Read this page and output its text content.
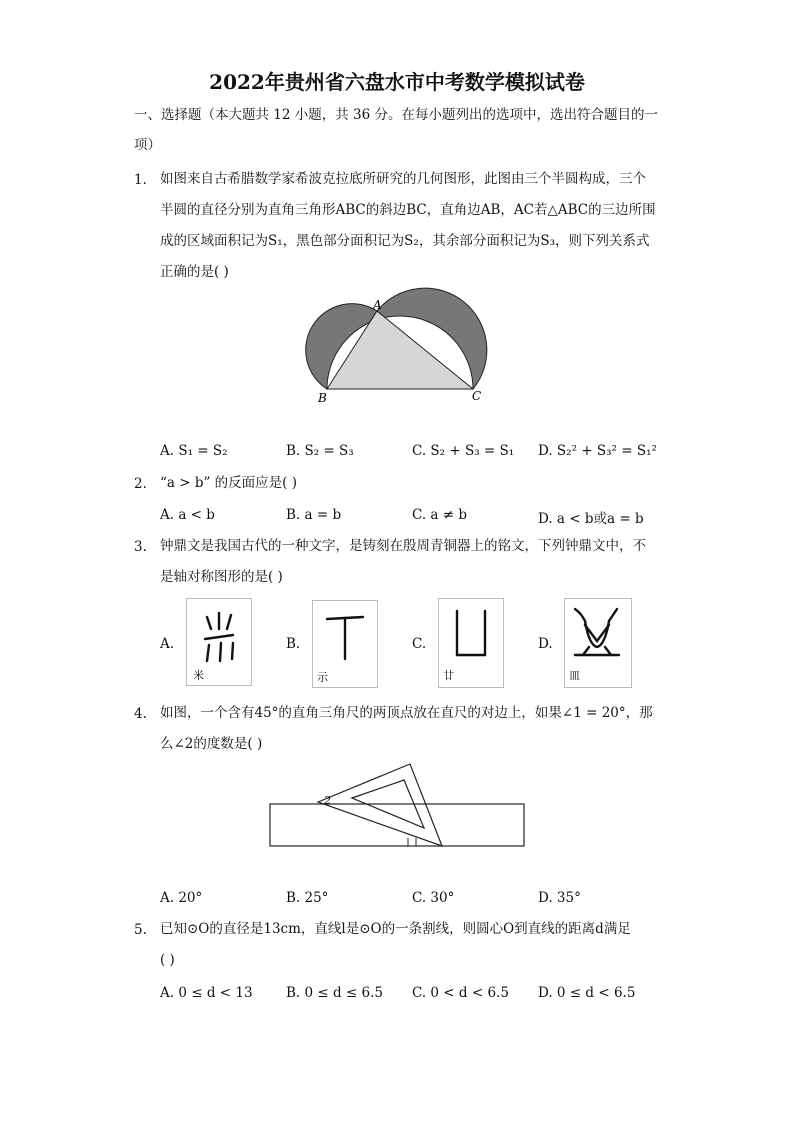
2022年贵州省六盘水市中考数学模拟试卷
一、选择题（本大题共 12 小题，共 36 分。在每小题列出的选项中，选出符合题目的一
项）
1. 如图来自古希腊数学家希波克拉底所研究的几何图形，此图由三个半圆构成，三个
半圆的直径分别为直角三角形ABC的斜边BC，直角边AB，AC若△ABC的三边所围
成的区域面积记为S₁，黑色部分面积记为S₂，其余部分面积记为S₃，则下列关系式
正确的是( )
A
B	C
A. S₁ = S₂	B. S₂ = S₃	C. S₂ + S₃ = S₁ D. S₂² + S₃² = S₁²
2. “a > b” 的反面应是( )
A. a < b	B. a = b	C. a ≠ b	D. a < b或a = b
3. 钟鼎文是我国古代的一种文字，是铸刻在殷周青铜器上的铭文，下列钟鼎文中，不
是轴对称图形的是( )
A.
米
B.
示
C.
廿
D.
皿
4. 如图，一个含有45°的直角三角尺的两顶点放在直尺的对边上，如果∠1 = 20°，那
么∠2的度数是( )
2
A. 20°	B. 25°	C. 30°	D. 35°
5. 已知⊙O的直径是13cm，直线l是⊙O的一条割线，则圆心O到直线的距离d满足
( )
A. 0 ≤ d < 13 B. 0 ≤ d ≤ 6.5 C. 0 < d < 6.5 D. 0 ≤ d < 6.5
